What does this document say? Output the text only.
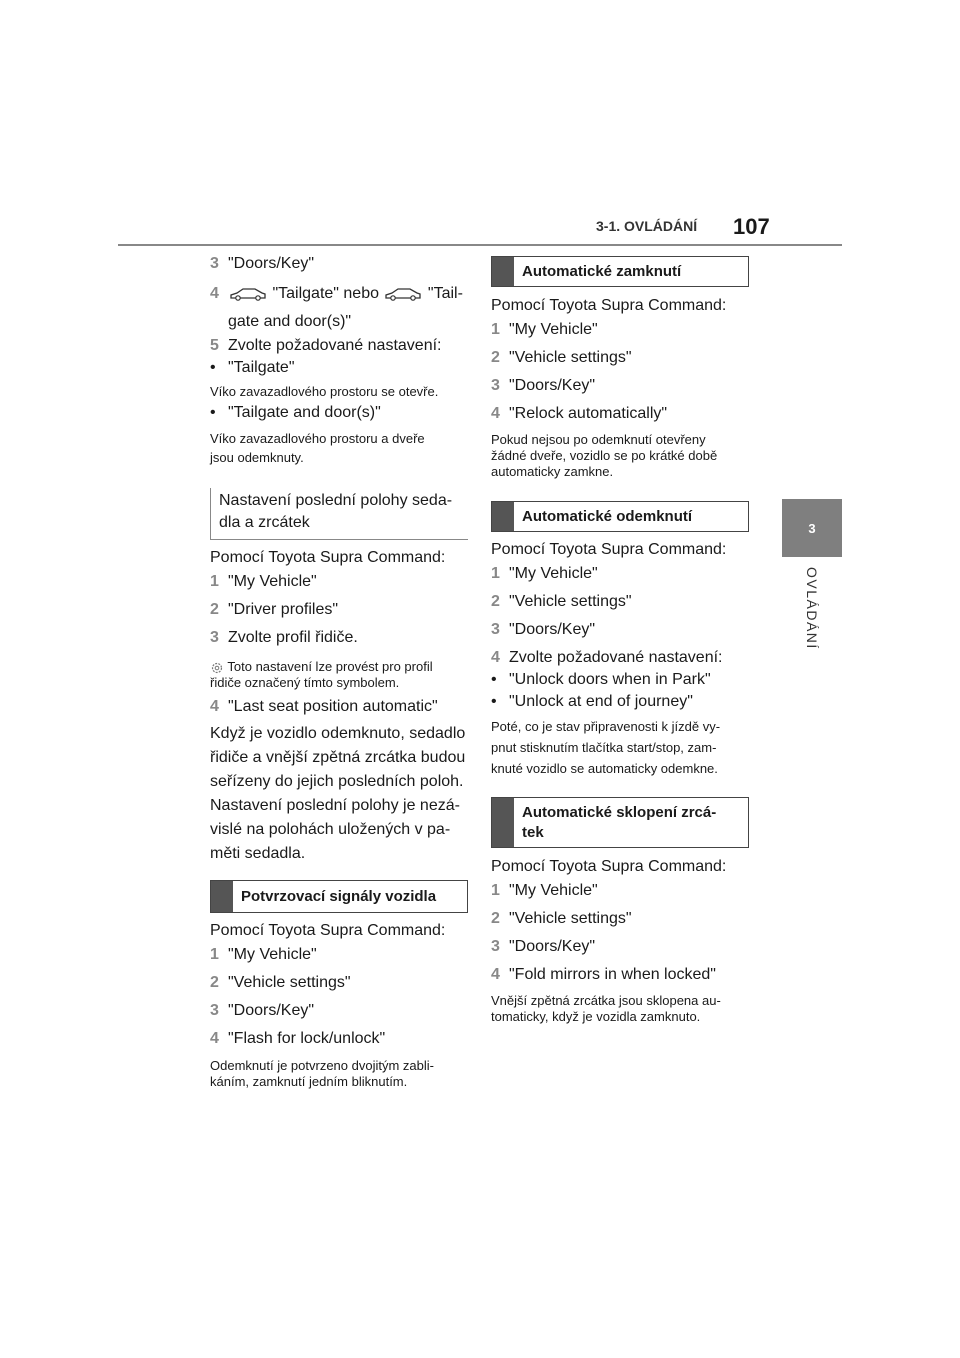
3-1. OVLÁDÁNÍ 107
3
OVLÁDÁNÍ
3 "Doors/Key"
4	"Tailgate" nebo	"Tail-
gate and door(s)"
5 Zvolte požadované nastavení:
• "Tailgate"
Víko zavazadlového prostoru se otevře.
• "Tailgate and door(s)"
Víko zavazadlového prostoru a dveře
jsou odemknuty.
Nastavení poslední polohy seda-
dla a zrcátek
Pomocí Toyota Supra Command:
1 "My Vehicle"
2 "Driver profiles"
3 Zvolte profil řidiče.
Toto nastavení lze provést pro profil
řidiče označený tímto symbolem.
4 "Last seat position automatic"
Když je vozidlo odemknuto, sedadlo
řidiče a vnější zpětná zrcátka budou
seřízeny do jejich posledních poloh.
Nastavení poslední polohy je nezá-
vislé na polohách uložených v pa-
měti sedadla.
Potvrzovací signály vozidla
Pomocí Toyota Supra Command:
1 "My Vehicle"
2 "Vehicle settings"
3 "Doors/Key"
4 "Flash for lock/unlock"
Odemknutí je potvrzeno dvojitým zabli-
káním, zamknutí jedním bliknutím.
Automatické zamknutí
Pomocí Toyota Supra Command:
1 "My Vehicle"
2 "Vehicle settings"
3 "Doors/Key"
4 "Relock automatically"
Pokud nejsou po odemknutí otevřeny
žádné dveře, vozidlo se po krátké době
automaticky zamkne.
Automatické odemknutí
Pomocí Toyota Supra Command:
1 "My Vehicle"
2 "Vehicle settings"
3 "Doors/Key"
4 Zvolte požadované nastavení:
• "Unlock doors when in Park"
• "Unlock at end of journey"
Poté, co je stav připravenosti k jízdě vy-
pnut stisknutím tlačítka start/stop, zam-
knuté vozidlo se automaticky odemkne.
Automatické sklopení zrcá-
tek
Pomocí Toyota Supra Command:
1 "My Vehicle"
2 "Vehicle settings"
3 "Doors/Key"
4 "Fold mirrors in when locked"
Vnější zpětná zrcátka jsou sklopena au-
tomaticky, když je vozidla zamknuto.
